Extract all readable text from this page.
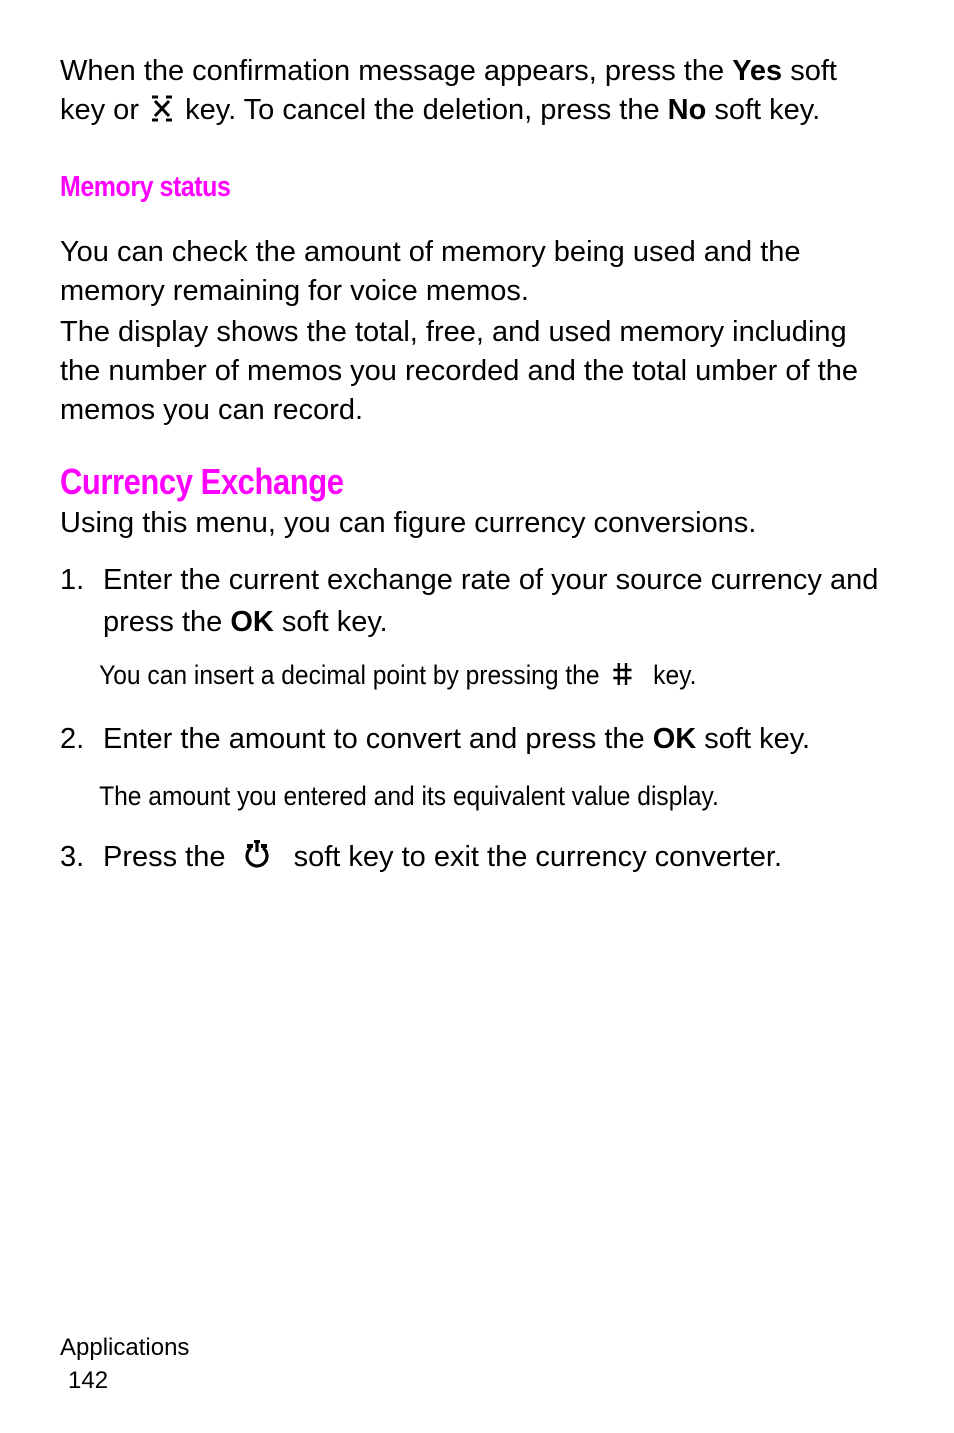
When the confirmation message appears, press the Yes soft key or  key. To cancel the deletion, press the No soft key.

Memory status

You can check the amount of memory being used and the memory remaining for voice memos.

The display shows the total, free, and used memory including the number of memos you recorded and the total umber of the memos you can record.

Currency Exchange

Using this menu, you can figure currency conversions.

1. Enter the current exchange rate of your source currency and press the OK soft key.

You can insert a decimal point by pressing the  key.

2. Enter the amount to convert and press the OK soft key.

The amount you entered and its equivalent value display.

3. Press the  soft key to exit the currency converter.
Applications
142
